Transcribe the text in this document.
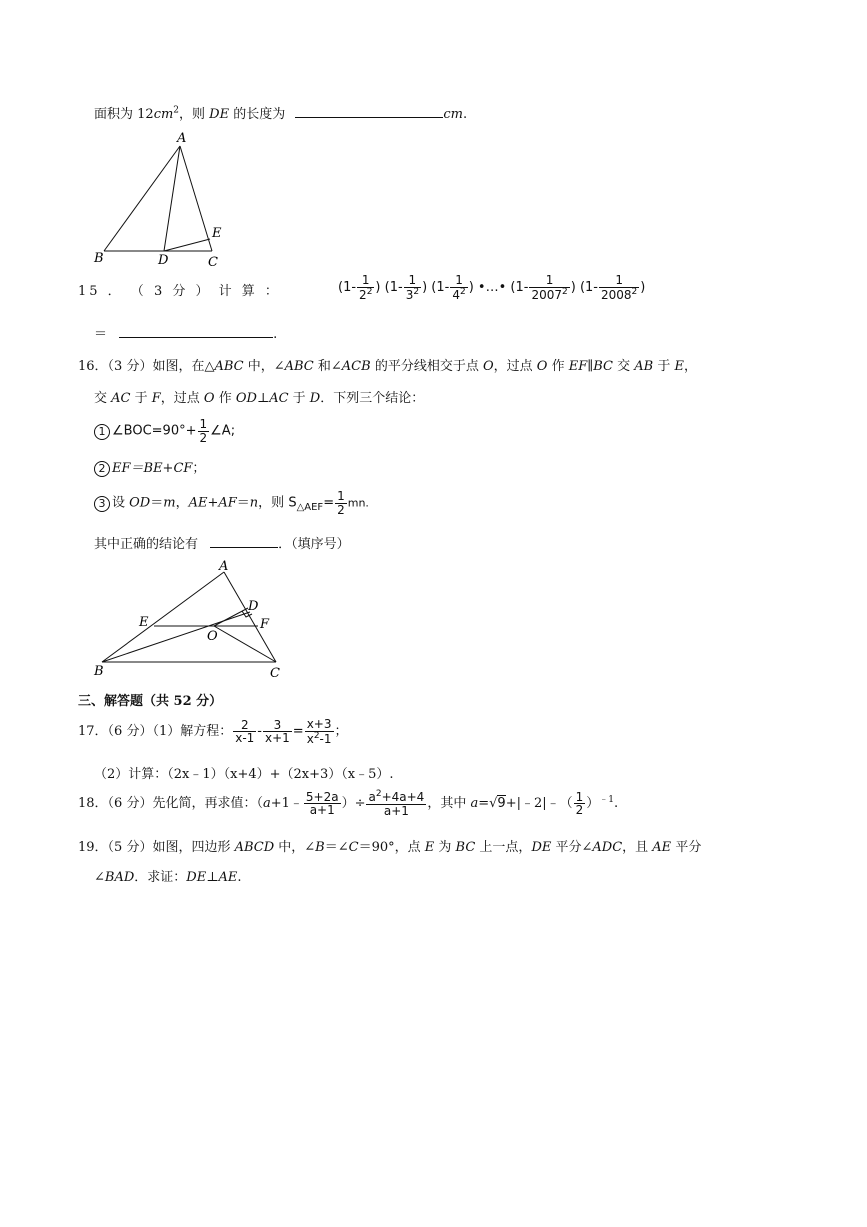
面积为 $12cm^2$，则 DE 的长度为	cm.
A
B	C
D
E
15 ． （ 3 分 ） 计 算 ：	($1- \frac{1}{2^2}$ ) ($1- \frac{1}{3^2}$ ) ($1- \frac{1}{4^2}$ ) •…• ($1- \frac{1}{2007^2}$ ) ($1- \frac{1}{2008^2}$ )
＝	.
16．（3 分）如图，在△ABC 中，∠ABC 和∠ACB 的平分线相交于点 O，过点 O 作 EF∥BC 交 AB 于 E，
交 AC 于 F，过点 O 作 OD⊥AC 于 D．下列三个结论：
1 ∠BOC=90°+ $\frac{1}{2}$ ∠A;
2 EF＝BE+CF；
3 设 OD＝m，AE+AF＝n，则 $S_{\triangle AEF}= \frac{1}{2}$ mn.
其中正确的结论有	．（填序号）
A
B	C
D
E	F
O
三、解答题（共 52 分）
17．（6 分）（1）解方程： $\frac{2}{x-1} - \frac{3}{x+1} = \frac{x+3}{x^2-1}$ ；
（2）计算：（2x﹣1）（x+4）+（2x+3）（x﹣5）.
18．（6 分）先化简，再求值：（a+1﹣ $\frac{5+2a}{a+1}$ ）÷ $\frac{a^2+4a+4}{a+1}$ ，其中 a=√9+|﹣2|﹣（ $\frac{1}{2} )^{﹣1}$.
19．（5 分）如图，四边形 ABCD 中，∠B＝∠C＝90°，点 E 为 BC 上一点，DE 平分∠ADC，且 AE 平分
∠BAD．求证：DE⊥AE.
